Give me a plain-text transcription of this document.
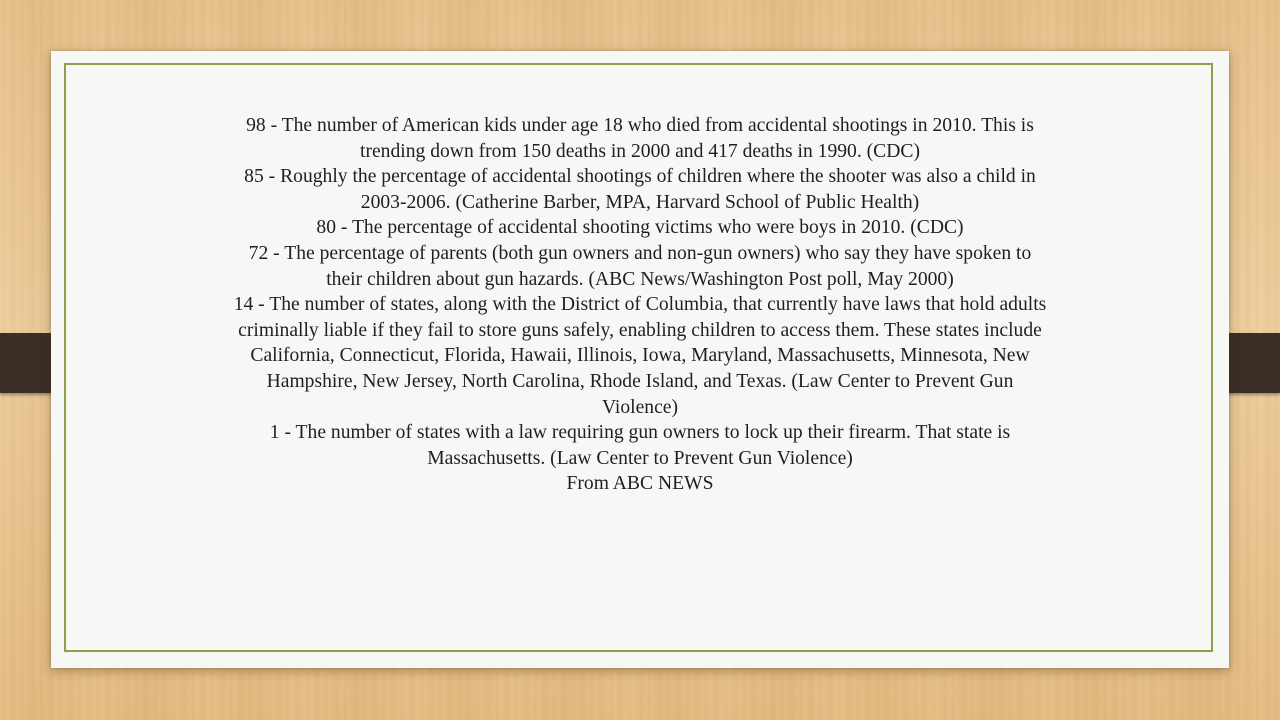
98 - The number of American kids under age 18 who died from accidental shootings in 2010. This is trending down from 150 deaths in 2000 and 417 deaths in 1990. (CDC)

85 - Roughly the percentage of accidental shootings of children where the shooter was also a child in 2003-2006. (Catherine Barber, MPA, Harvard School of Public Health)

80 - The percentage of accidental shooting victims who were boys in 2010. (CDC)

72 - The percentage of parents (both gun owners and non-gun owners) who say they have spoken to their children about gun hazards. (ABC News/Washington Post poll, May 2000)

14 - The number of states, along with the District of Columbia, that currently have laws that hold adults criminally liable if they fail to store guns safely, enabling children to access them. These states include California, Connecticut, Florida, Hawaii, Illinois, Iowa, Maryland, Massachusetts, Minnesota, New Hampshire, New Jersey, North Carolina, Rhode Island, and Texas. (Law Center to Prevent Gun Violence)

1 - The number of states with a law requiring gun owners to lock up their firearm. That state is Massachusetts. (Law Center to Prevent Gun Violence)

From ABC NEWS
